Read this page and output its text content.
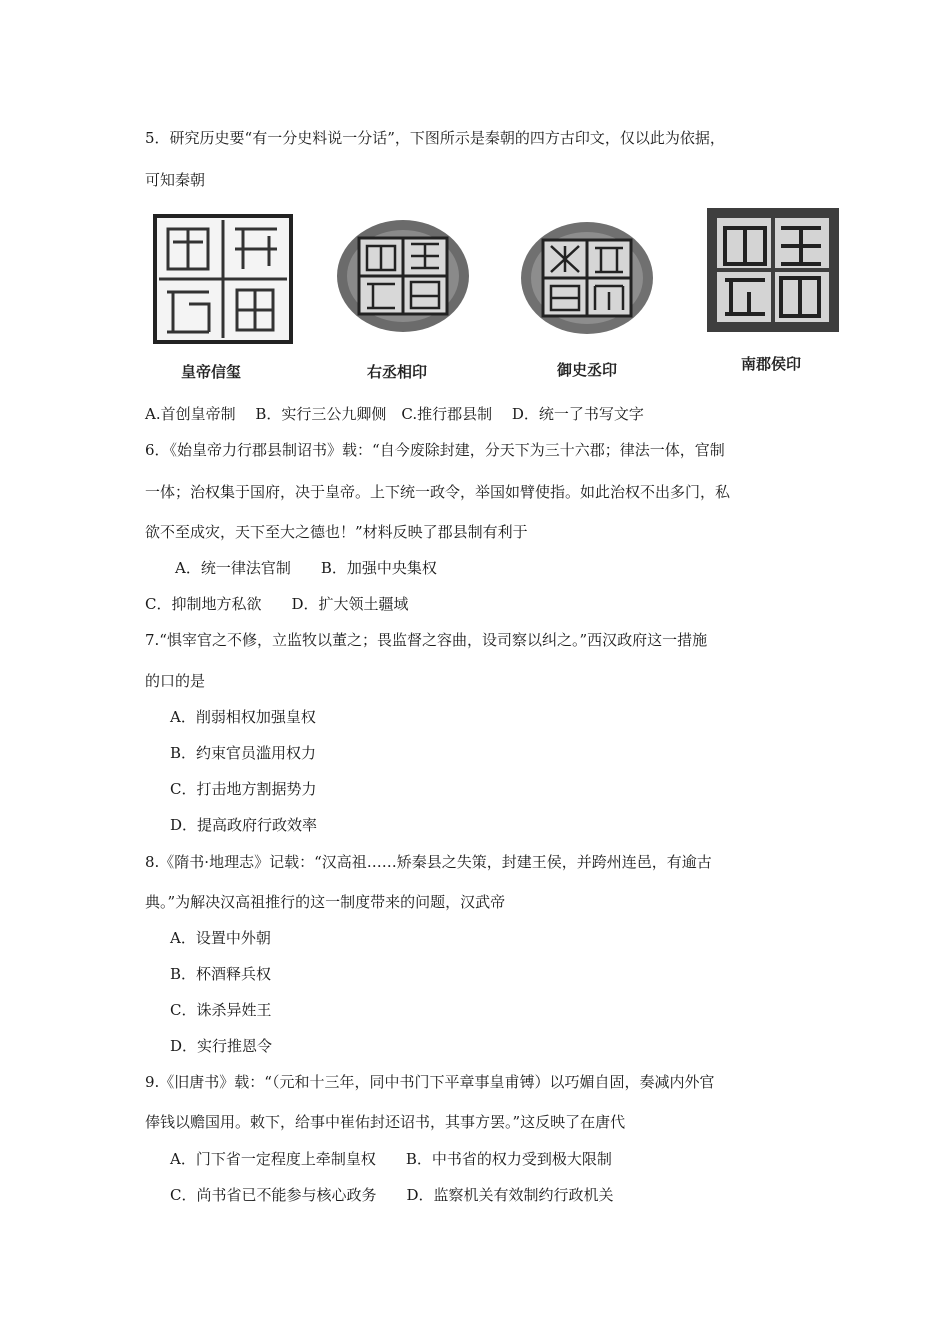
5．研究历史要“有一分史料说一分话”，下图所示是秦朝的四方古印文，仅以此为依据，
可知秦朝
皇帝信玺	右丞相印	御史丞印	南郡侯印
A.首创皇帝制　 B．实行三公九卿侧　C.推行郡县制　 D．统一了书写文字
6．《始皇帝力行郡县制诏书》载：“自今废除封建，分天下为三十六郡；律法一体，官制
一体；治权集于国府，决于皇帝。上下统一政令，举国如臂使指。如此治权不出多门，私
欲不至成灾，天下至大之德也！”材料反映了郡县制有利于
A．统一律法官制　　B．加强中央集权
C．抑制地方私欲　　D．扩大领土疆域
7.“惧宰官之不修，立监牧以董之；畏监督之容曲，设司察以纠之。”西汉政府这一措施
的口的是
A．削弱相权加强皇权
B．约束官员滥用权力
C．打击地方割据势力
D．提高政府行政效率
8.《隋书·地理志》记载：“汉高祖……矫秦县之失策，封建王侯，并跨州连邑，有逾古
典。”为解决汉高祖推行的这一制度带来的问题，汉武帝
A．设置中外朝
B．杯酒释兵权
C．诛杀异姓王
D．实行推恩令
9.《旧唐书》载：“（元和十三年，同中书门下平章事皇甫镈）以巧媚自固，奏减内外官
俸钱以赡国用。敕下，给事中崔佑封还诏书，其事方罢。”这反映了在唐代
A．门下省一定程度上牵制皇权　　B．中书省的权力受到极大限制
C．尚书省已不能参与核心政务　　D．监察机关有效制约行政机关
